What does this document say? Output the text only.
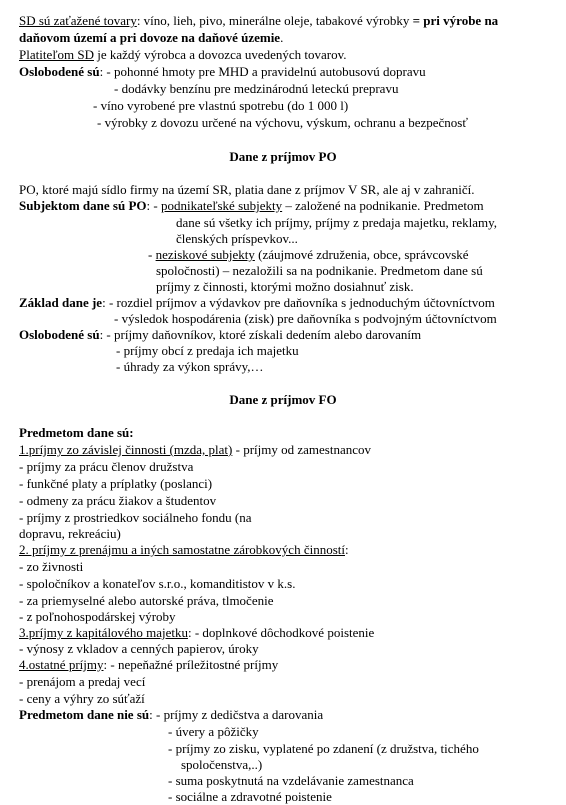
SD sú zaťažené tovary: víno, lieh, pivo, minerálne oleje, tabakové výrobky = pri výrobe na
daňovom území a pri dovoze na daňové územie.
Platiteľom SD je každý výrobca a dovozca uvedených tovarov.
Oslobodené sú: - pohonné hmoty pre MHD a pravidelnú autobusovú dopravu
- dodávky benzínu pre medzinárodnú leteckú prepravu
- víno vyrobené pre vlastnú spotrebu (do 1 000 l)
- výrobky z dovozu určené na výchovu, výskum, ochranu a bezpečnosť
Dane z príjmov PO
PO, ktoré majú sídlo firmy na území SR, platia dane z príjmov V SR, ale aj v zahraničí.
Subjektom dane sú PO: - podnikateľské subjekty – založené na podnikanie. Predmetom
dane sú všetky ich príjmy, príjmy z predaja majetku, reklamy,
členských príspevkov...
- neziskové subjekty (záujmové združenia, obce, správcovské
spoločnosti) – nezaložili sa na podnikanie. Predmetom dane sú
príjmy z činnosti, ktorými možno dosiahnuť zisk.
Základ dane je: - rozdiel príjmov a výdavkov pre daňovníka s jednoduchým účtovníctvom
- výsledok hospodárenia (zisk) pre daňovníka s podvojným účtovníctvom
Oslobodené sú: - príjmy daňovníkov, ktoré získali dedením alebo darovaním
- príjmy obcí z predaja ich majetku
- úhrady za výkon správy,…
Dane z príjmov FO
Predmetom dane sú:
1.príjmy zo závislej činnosti (mzda, plat) - príjmy od zamestnancov
- príjmy za prácu členov družstva
- funkčné platy a príplatky (poslanci)
- odmeny za prácu žiakov a študentov
- príjmy z prostriedkov sociálneho fondu (na
dopravu, rekreáciu)
2. príjmy z prenájmu a iných samostatne zárobkových činností:
- zo živnosti
- spoločníkov a konateľov s.r.o., komanditistov v k.s.
- za priemyselné alebo autorské práva, tlmočenie
- z poľnohospodárskej výroby
3.príjmy z kapitálového majetku: - doplnkové dôchodkové poistenie
- výnosy z vkladov a cenných papierov, úroky
4.ostatné príjmy: - nepeňažné príležitostné príjmy
- prenájom a predaj vecí
- ceny a výhry zo súťaží
Predmetom dane nie sú: - príjmy z dedičstva a darovania
- úvery a pôžičky
- príjmy zo zisku, vyplatené po zdanení (z družstva, tichého
spoločenstva,..)
- suma poskytnutá na vzdelávanie zamestnanca
- sociálne a zdravotné poistenie
